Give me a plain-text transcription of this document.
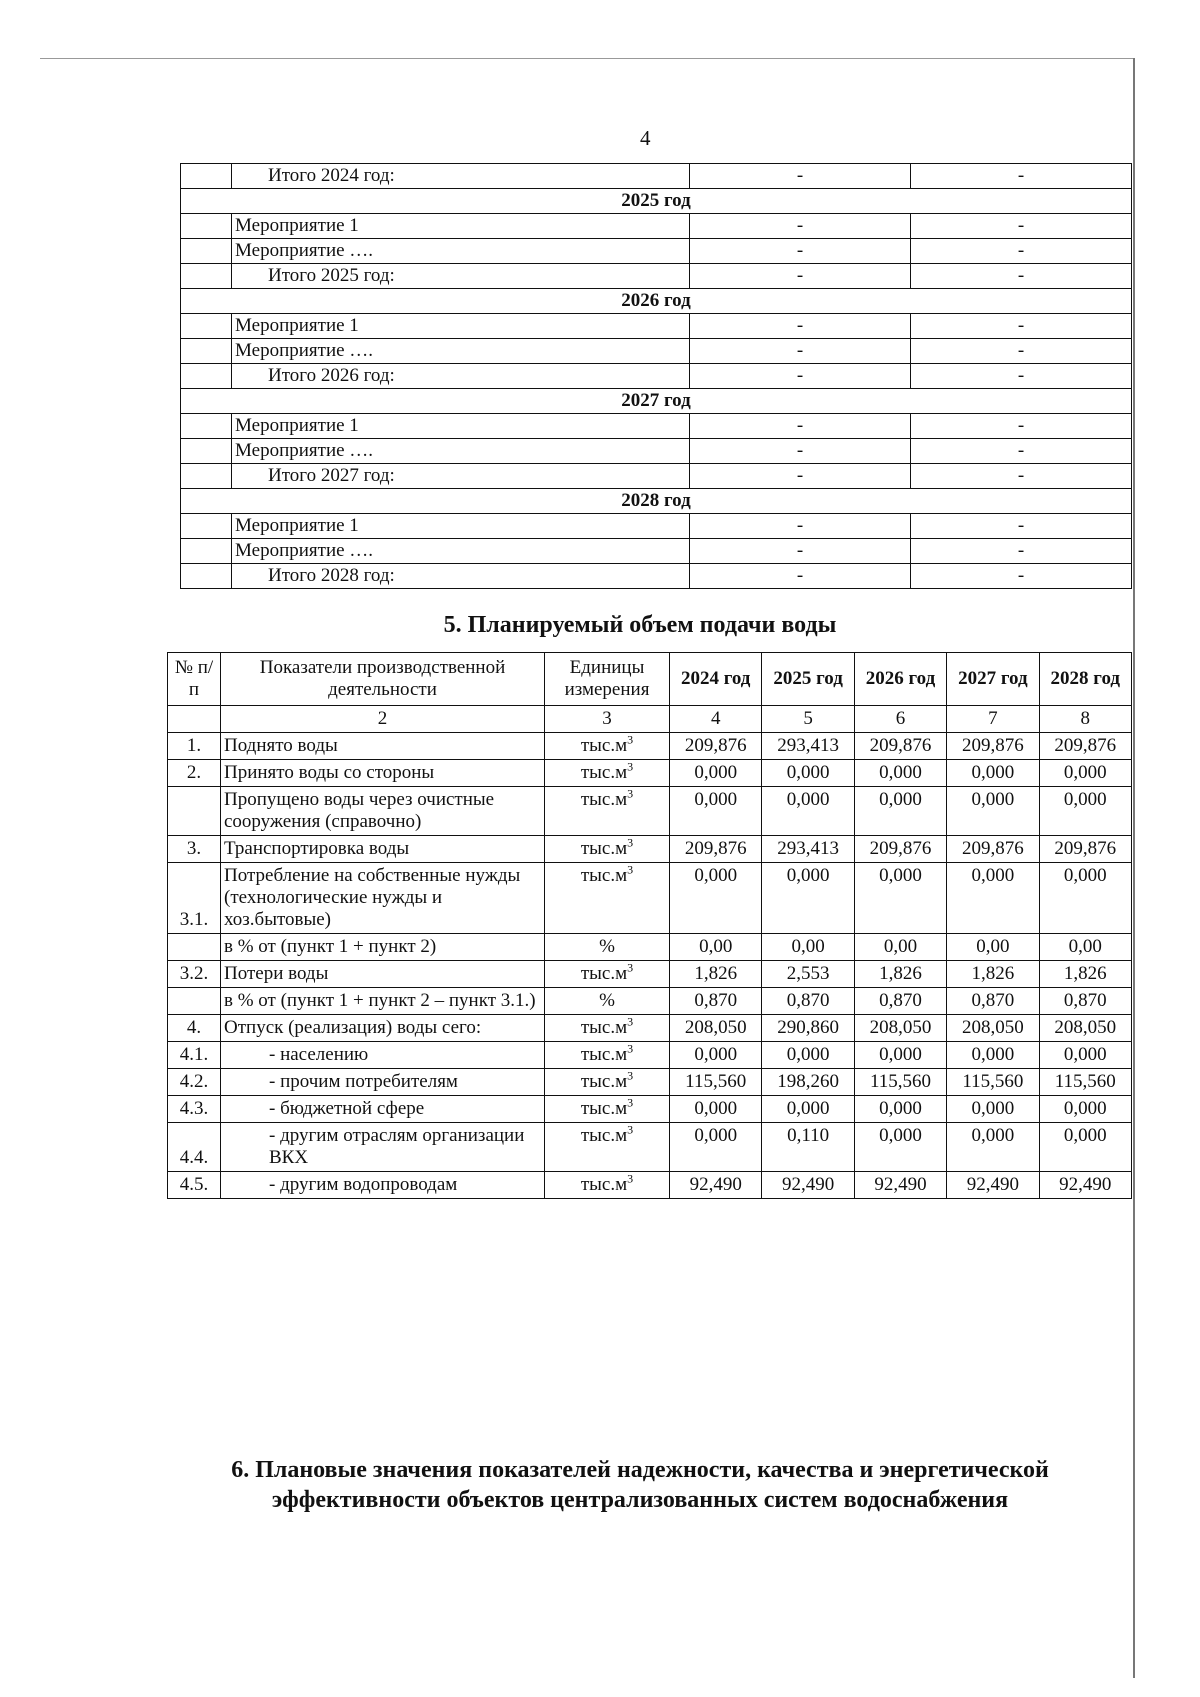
4
	Итого 2024 год:	-	-
2025 год			
	Мероприятие 1	-	-
	Мероприятие ….	-	-
	Итого 2025 год:	-	-
2026 год			
	Мероприятие 1	-	-
	Мероприятие ….	-	-
	Итого 2026 год:	-	-
2027 год			
	Мероприятие 1	-	-
	Мероприятие ….	-	-
	Итого 2027 год:	-	-
2028 год			
	Мероприятие 1	-	-
	Мероприятие ….	-	-
	Итого 2028 год:	-	-
5. Планируемый объем подачи воды
№ п/п	Показатели производственной деятельности	Единицы измерения	2024 год	2025 год	2026 год	2027 год	2028 год
	2	3	4	5	6	7	8
1.	Поднято воды	$тыс.м^3$	209,876	293,413	209,876	209,876	209,876
2.	Принято воды со стороны	$тыс.м^3$	0,000	0,000	0,000	0,000	0,000
	Пропущено воды через очистные сооружения (справочно)	$тыс.м^3$	0,000	0,000	0,000	0,000	0,000
3.	Транспортировка воды	$тыс.м^3$	209,876	293,413	209,876	209,876	209,876
3.1.	Потребление на собственные нужды (технологические нужды и хоз.бытовые)	$тыс.м^3$	0,000	0,000	0,000	0,000	0,000
	в % от (пункт 1 + пункт 2)	%	0,00	0,00	0,00	0,00	0,00
3.2.	Потери воды	$тыс.м^3$	1,826	2,553	1,826	1,826	1,826
	в % от (пункт 1 + пункт 2 – пункт 3.1.)	%	0,870	0,870	0,870	0,870	0,870
4.	Отпуск (реализация) воды сего:	$тыс.м^3$	208,050	290,860	208,050	208,050	208,050
4.1.	- населению	$тыс.м^3$	0,000	0,000	0,000	0,000	0,000
4.2.	- прочим потребителям	$тыс.м^3$	115,560	198,260	115,560	115,560	115,560
4.3.	- бюджетной сфере	$тыс.м^3$	0,000	0,000	0,000	0,000	0,000
4.4.	- другим отраслям организации ВКХ	$тыс.м^3$	0,000	0,110	0,000	0,000	0,000
4.5.	- другим водопроводам	$тыс.м^3$	92,490	92,490	92,490	92,490	92,490
6. Плановые значения показателей надежности, качества и энергетической эффективности объектов централизованных систем водоснабжения
